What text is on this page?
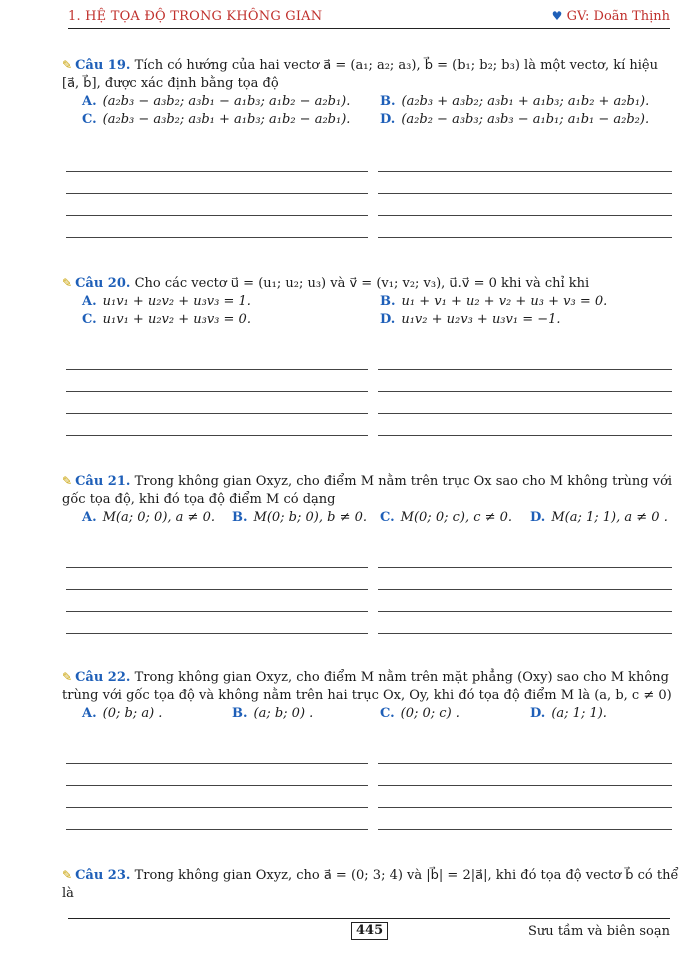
1. HỆ TỌA ĐỘ TRONG KHÔNG GIAN	♥ GV: Doãn Thịnh
✎ Câu 19. Tích có hướng của hai vectơ a⃗ = (a₁; a₂; a₃), b⃗ = (b₁; b₂; b₃) là một vectơ, kí hiệu
[a⃗, b⃗], được xác định bằng tọa độ
A. (a₂b₃ − a₃b₂; a₃b₁ − a₁b₃; a₁b₂ − a₂b₁). B. (a₂b₃ + a₃b₂; a₃b₁ + a₁b₃; a₁b₂ + a₂b₁).
C. (a₂b₃ − a₃b₂; a₃b₁ + a₁b₃; a₁b₂ − a₂b₁). D. (a₂b₂ − a₃b₃; a₃b₃ − a₁b₁; a₁b₁ − a₂b₂).
✎ Câu 20. Cho các vectơ u⃗ = (u₁; u₂; u₃) và v⃗ = (v₁; v₂; v₃), u⃗.v⃗ = 0 khi và chỉ khi
A. u₁v₁ + u₂v₂ + u₃v₃ = 1.	B. u₁ + v₁ + u₂ + v₂ + u₃ + v₃ = 0.
C. u₁v₁ + u₂v₂ + u₃v₃ = 0.	D. u₁v₂ + u₂v₃ + u₃v₁ = −1.
✎ Câu 21. Trong không gian Oxyz, cho điểm M nằm trên trục Ox sao cho M không trùng với
gốc tọa độ, khi đó tọa độ điểm M có dạng
A. M(a; 0; 0), a ≠ 0. B. M(0; b; 0), b ≠ 0. C. M(0; 0; c), c ≠ 0. D. M(a; 1; 1), a ≠ 0 .
✎ Câu 22. Trong không gian Oxyz, cho điểm M nằm trên mặt phẳng (Oxy) sao cho M không
trùng với gốc tọa độ và không nằm trên hai trục Ox, Oy, khi đó tọa độ điểm M là (a, b, c ≠ 0)
A. (0; b; a) .	B. (a; b; 0) .	C. (0; 0; c) .	D. (a; 1; 1).
✎ Câu 23. Trong không gian Oxyz, cho a⃗ = (0; 3; 4) và |b⃗| = 2|a⃗|, khi đó tọa độ vectơ b⃗ có thể
là
445	Sưu tầm và biên soạn
